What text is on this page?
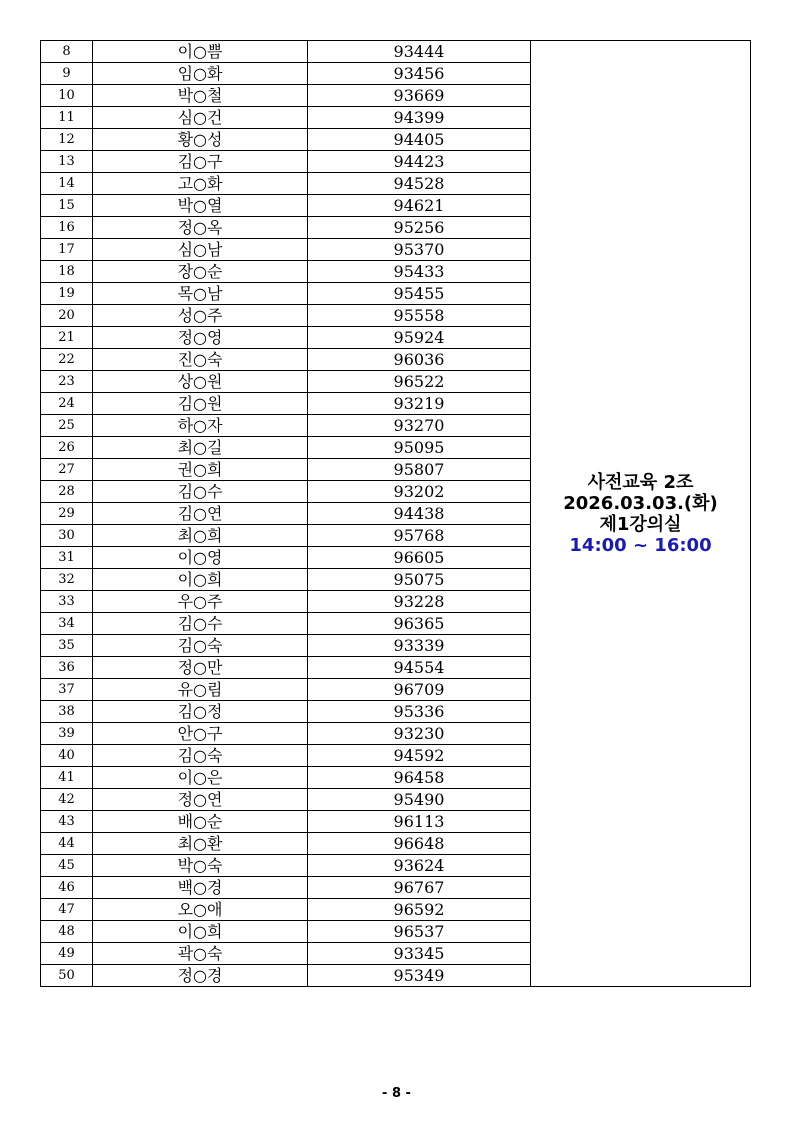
8	이○쁨	93444	사전교육 2조
2026.03.03.(화)
제1강의실
14:00 ~ 16:00

9	임○화	93456	
10	박○철	93669	
11	심○건	94399	
12	황○성	94405	
13	김○구	94423	
14	고○화	94528	
15	박○열	94621	
16	정○옥	95256	
17	심○남	95370	
18	장○순	95433	
19	목○남	95455	
20	성○주	95558	
21	정○영	95924	
22	진○숙	96036	
23	상○원	96522	
24	김○원	93219	
25	하○자	93270	
26	최○길	95095	
27	권○희	95807	
28	김○수	93202	
29	김○연	94438	
30	최○희	95768	
31	이○영	96605	
32	이○희	95075	
33	우○주	93228	
34	김○수	96365	
35	김○숙	93339	
36	정○만	94554	
37	유○림	96709	
38	김○정	95336	
39	안○구	93230	
40	김○숙	94592	
41	이○은	96458	
42	정○연	95490	
43	배○순	96113	
44	최○환	96648	
45	박○숙	93624	
46	백○경	96767	
47	오○애	96592	
48	이○희	96537	
49	곽○숙	93345	
50	정○경	95349	
- 8 -
